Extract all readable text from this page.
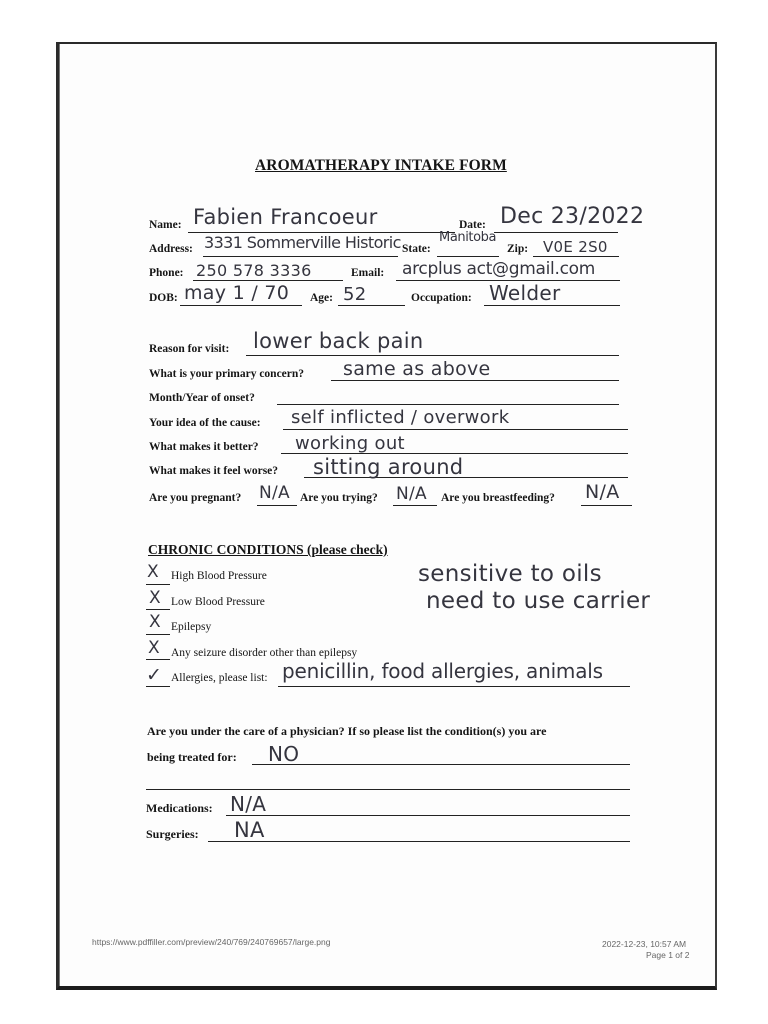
AROMATHERAPY INTAKE FORM
Name: Fabien Francoeur	Date: Dec 23/2022
Address: 3331 Sommerville Historic State:
Manitoba
Zip: V0E 2S0
Phone: 250 578 3336	Email: arcplus act@gmail.com
DOB: may 1 / 70 Age: 52	Occupation: Welder
Reason for visit: lower back pain
What is your primary concern? same as above
Month/Year of onset?
Your idea of the cause: self inflicted / overwork
What makes it better? working out
What makes it feel worse? sitting around
Are you pregnant? N/A Are you trying? N/A Are you breastfeeding? N/A
CHRONIC CONDITIONS (please check)
X High Blood Pressure
X Low Blood Pressure
X Epilepsy
X Any seizure disorder other than epilepsy
✓ Allergies, please list: penicillin, food allergies, animals
sensitive to oils
need to use carrier
Are you under the care of a physician? If so please list the condition(s) you are
being treated for: NO
Medications: N/A
Surgeries: NA
https://www.pdffiller.com/preview/240/769/240769657/large.png	2022-12-23, 10:57 AM
Page 1 of 2
